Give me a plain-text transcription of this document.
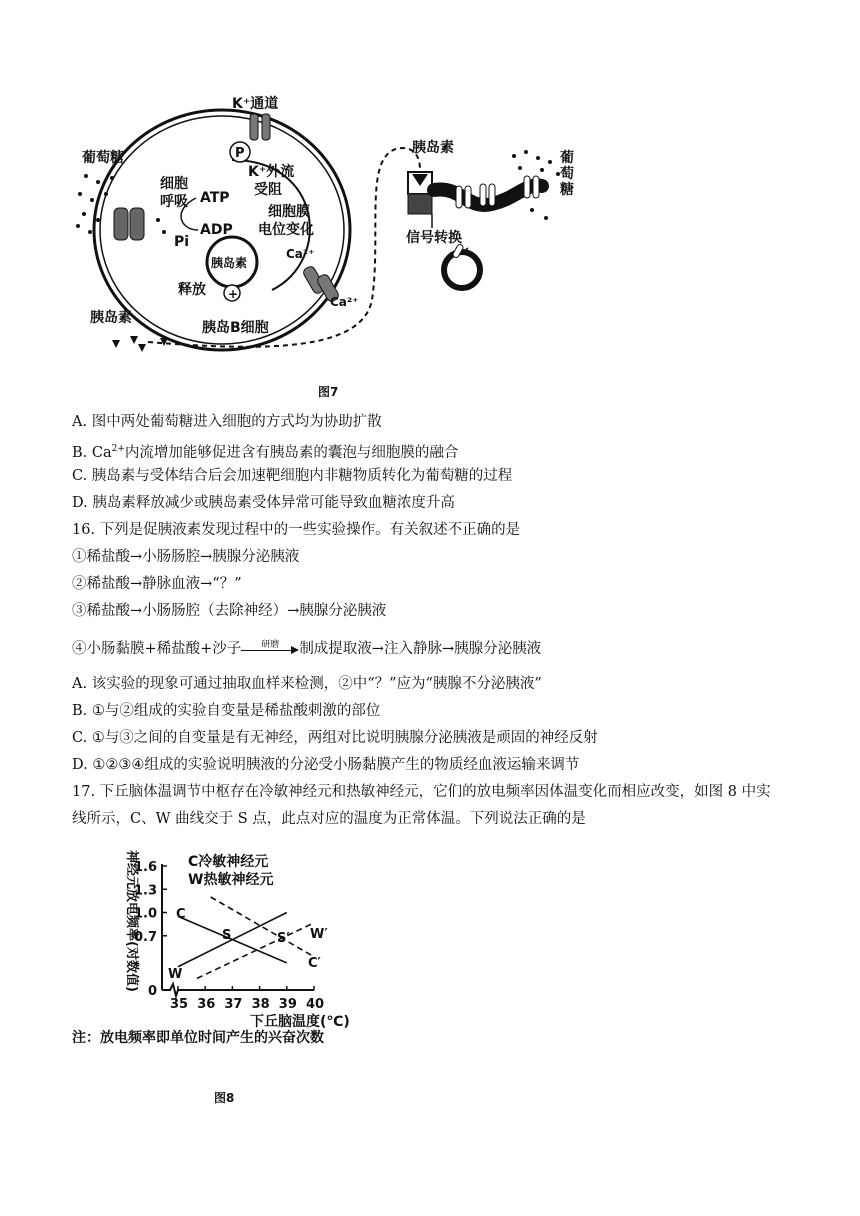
K⁺通道
P
葡萄糖
细胞
呼吸 ATP
ADP
Pi
K⁺外流
受阻
细胞膜
电位变化
胰岛素
+
释放
Ca²⁺
Ca²⁺
胰岛素
胰岛B细胞
胰岛素
葡
萄
糖
信号转换
图7
A. 图中两处葡萄糖进入细胞的方式均为协助扩散
B. $Ca^{2+}$内流增加能够促进含有胰岛素的囊泡与细胞膜的融合
C. 胰岛素与受体结合后会加速靶细胞内非糖物质转化为葡萄糖的过程
D. 胰岛素释放减少或胰岛素受体异常可能导致血糖浓度升高
16. 下列是促胰液素发现过程中的一些实验操作。有关叙述不正确的是
①稀盐酸→小肠肠腔→胰腺分泌胰液
②稀盐酸→静脉血液→“？”
③稀盐酸→小肠肠腔（去除神经）→胰腺分泌胰液
④小肠黏膜+稀盐酸+沙子	研磨	制成提取液→注入静脉→胰腺分泌胰液
A. 该实验的现象可通过抽取血样来检测，②中“？”应为“胰腺不分泌胰液”
B. ①与②组成的实验自变量是稀盐酸刺激的部位
C. ①与③之间的自变量是有无神经，两组对比说明胰腺分泌胰液是顽固的神经反射
D. ①②③④组成的实验说明胰液的分泌受小肠黏膜产生的物质经血液运输来调节
17. 下丘脑体温调节中枢存在冷敏神经元和热敏神经元，它们的放电频率因体温变化而相应改变，如图 8 中实
线所示，C、W 曲线交于 S 点，此点对应的温度为正常体温。下列说法正确的是
C冷敏神经元
W热敏神经元
神经元放电频率(对数值)
下丘脑温度(℃)
35 36 37 38 39 40
0
0.7
1.0
1.3
1.6
S	S′
C
W
C′
W′
注：放电频率即单位时间产生的兴奋次数
图8
